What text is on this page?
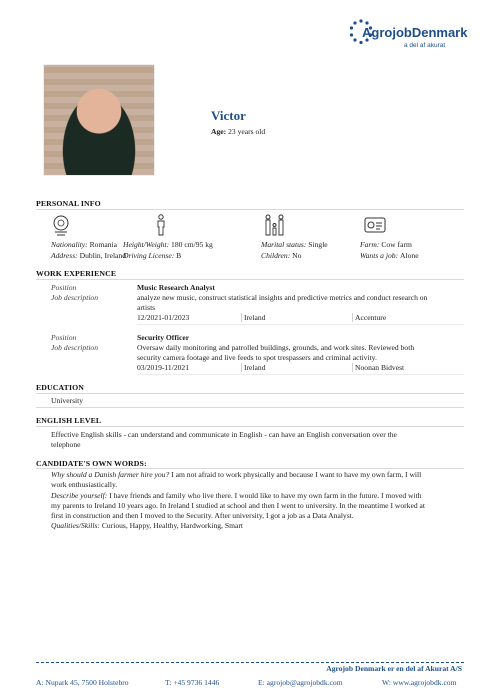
AgrojobDenmark
a del af akurat
Victor
Age: 23 years old
PERSONAL INFO
Nationality: Romania
Address: Dublin, Ireland
Height/Weight: 180 cm/95 kg
Driving License: B
Marital status: Single
Children: No
Farm: Cow farm
Wants a job: Alone
WORK EXPERIENCE
Position	Music Research Analyst
Job description	analyze new music, construct statistical insights and predictive metrics and conduct research on
artists
12/2021-01/2023	Ireland	Accenture
Position	Security Officer
Job description	Oversaw daily monitoring and patrolled buildings, grounds, and work sites. Reviewed both
security camera footage and live feeds to spot trespassers and criminal activity.
03/2019-11/2021	Ireland	Noonan Bidvest
EDUCATION
University
ENGLISH LEVEL
Effective English skills - can understand and communicate in English - can have an English conversation over the
telephone
CANDIDATE'S OWN WORDS:
Why should a Danish farmer hire you? I am not afraid to work physically and because I want to have my own farm, I will
work enthusiastically.
Describe yourself: I have friends and family who live there. I would like to have my own farm in the future. I moved with
my parents to Ireland 10 years ago. In Ireland I studied at school and then I went to university. In the meantime I worked at
first in construction and then I moved to the Security. After university, I got a job as a Data Analyst.
Qualities/Skills: Curious, Happy, Healthy, Hardworking, Smart
Agrojob Denmark er en del af Akurat A/S
A: Nupark 45, 7500 Holstebro	T: +45 9736 1446	E: agrojob@agrojobdk.com	W: www.agrojobdk.com
